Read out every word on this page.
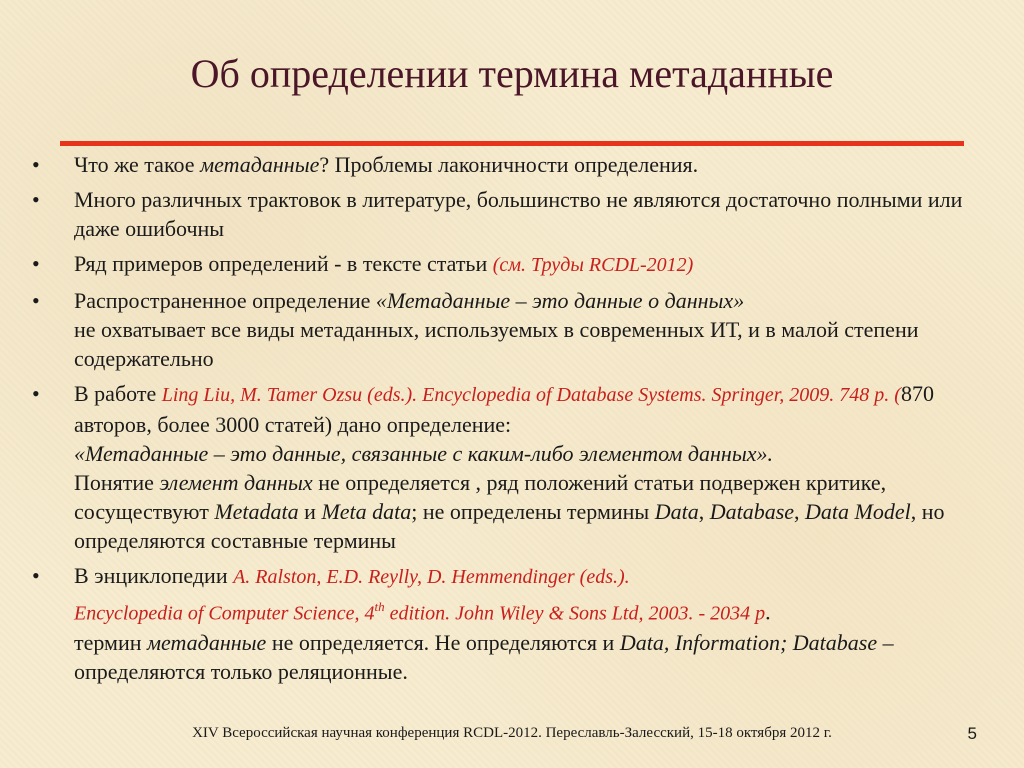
Об определении термина метаданные
• Что же такое метаданные? Проблемы лаконичности определения.
• Много различных трактовок в литературе, большинство не являются достаточно полными или даже ошибочны
• Ряд примеров определений - в тексте статьи (см. Труды RCDL-2012)
• Распространенное определение «Метаданные – это данные о данных»
не охватывает все виды метаданных, используемых в современных ИТ, и в малой степени содержательно
• В работе Ling Liu, M. Tamer Ozsu (eds.). Encyclopedia of Database Systems. Springer, 2009. 748 p. (870 авторов, более 3000 статей) дано определение:
«Метаданные – это данные, связанные с каким-либо элементом данных».
Понятие элемент данных не определяется , ряд положений статьи подвержен критике, сосуществуют Metadata и Meta data; не определены термины Data, Database, Data Model, но определяются составные термины
• В энциклопедии A. Ralston, E.D. Reylly, D. Hemmendinger (eds.).
Encyclopedia of Computer Science, 4th edition. John Wiley & Sons Ltd, 2003. - 2034 p.
термин метаданные не определяется. Не определяются и Data, Information; Database – определяются только реляционные.
XIV Всероссийская научная конференция RCDL-2012. Переславль-Залесский, 15-18 октября 2012 г.	5
